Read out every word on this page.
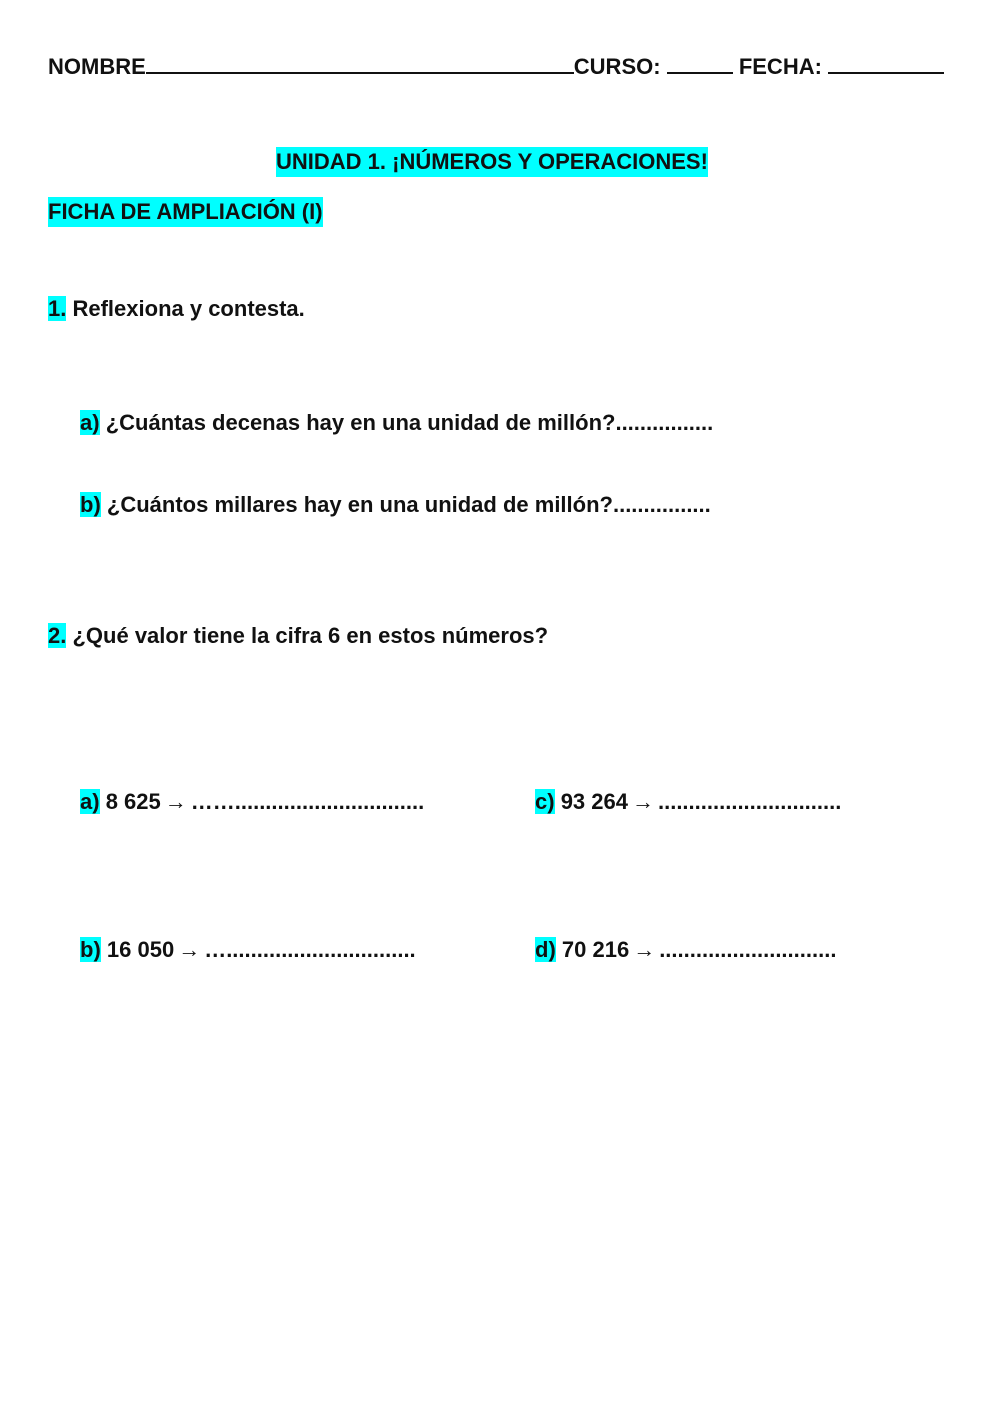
NOMBRE	CURSO:	FECHA:
UNIDAD 1. ¡NÚMEROS Y OPERACIONES!
FICHA DE AMPLIACIÓN (I)
1. Reflexiona y contesta.
a) ¿Cuántas decenas hay en una unidad de millón?................
b) ¿Cuántos millares hay en una unidad de millón?................
2. ¿Qué valor tiene la cifra 6 en estos números?
a) 8 625 → ……...............................	c) 93 264 → ..............................
b) 16 050 → …...............................	d) 70 216 → .............................
